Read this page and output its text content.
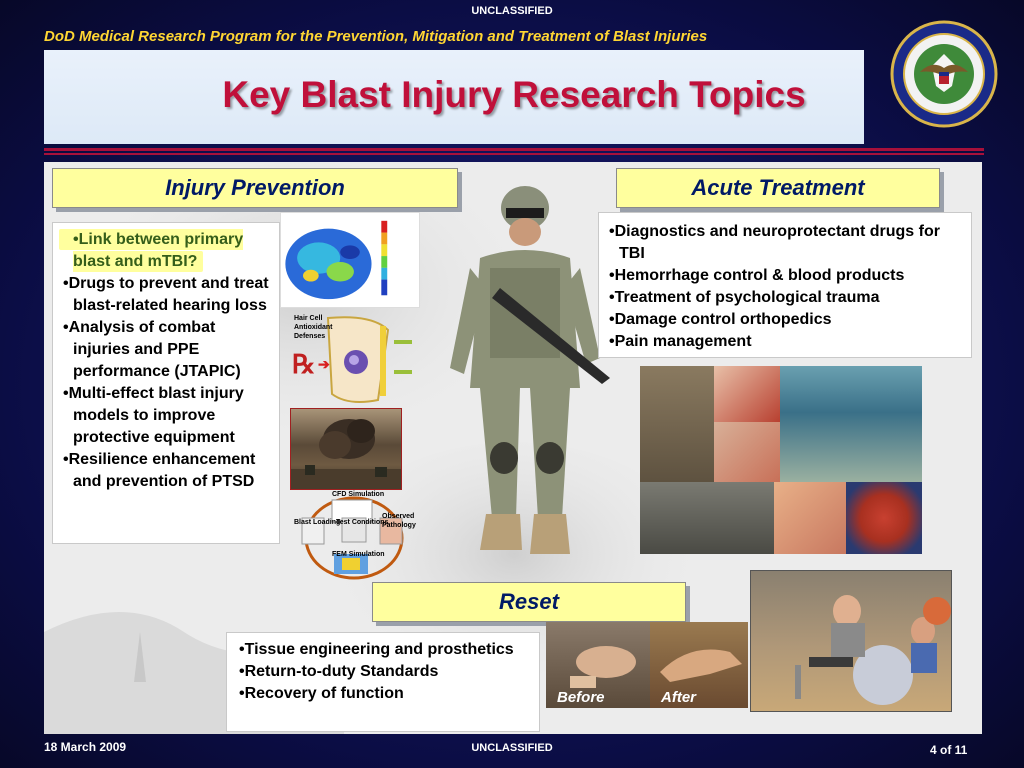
UNCLASSIFIED
DoD Medical Research Program for the Prevention, Mitigation and Treatment of Blast Injuries
Key Blast Injury Research Topics
Injury Prevention
•Link between primary blast and mTBI?
•Drugs to prevent and treat blast-related hearing loss
•Analysis of combat injuries and PPE performance (JTAPIC)
•Multi-effect blast injury models to improve protective equipment
•Resilience enhancement and prevention of PTSD
Hair Cell Antioxidant Defenses
℞ ➔
CFD Simulation
Blast Loading
Test Conditions
Observed Pathology
FEM Simulation
Acute Treatment
•Diagnostics and neuroprotectant drugs for TBI
•Hemorrhage control & blood products
•Treatment of psychological trauma
•Damage control orthopedics
•Pain management
Reset
•Tissue engineering and prosthetics
•Return-to-duty Standards
•Recovery of function	Before	After
18 March 2009	UNCLASSIFIED	4 of 11
